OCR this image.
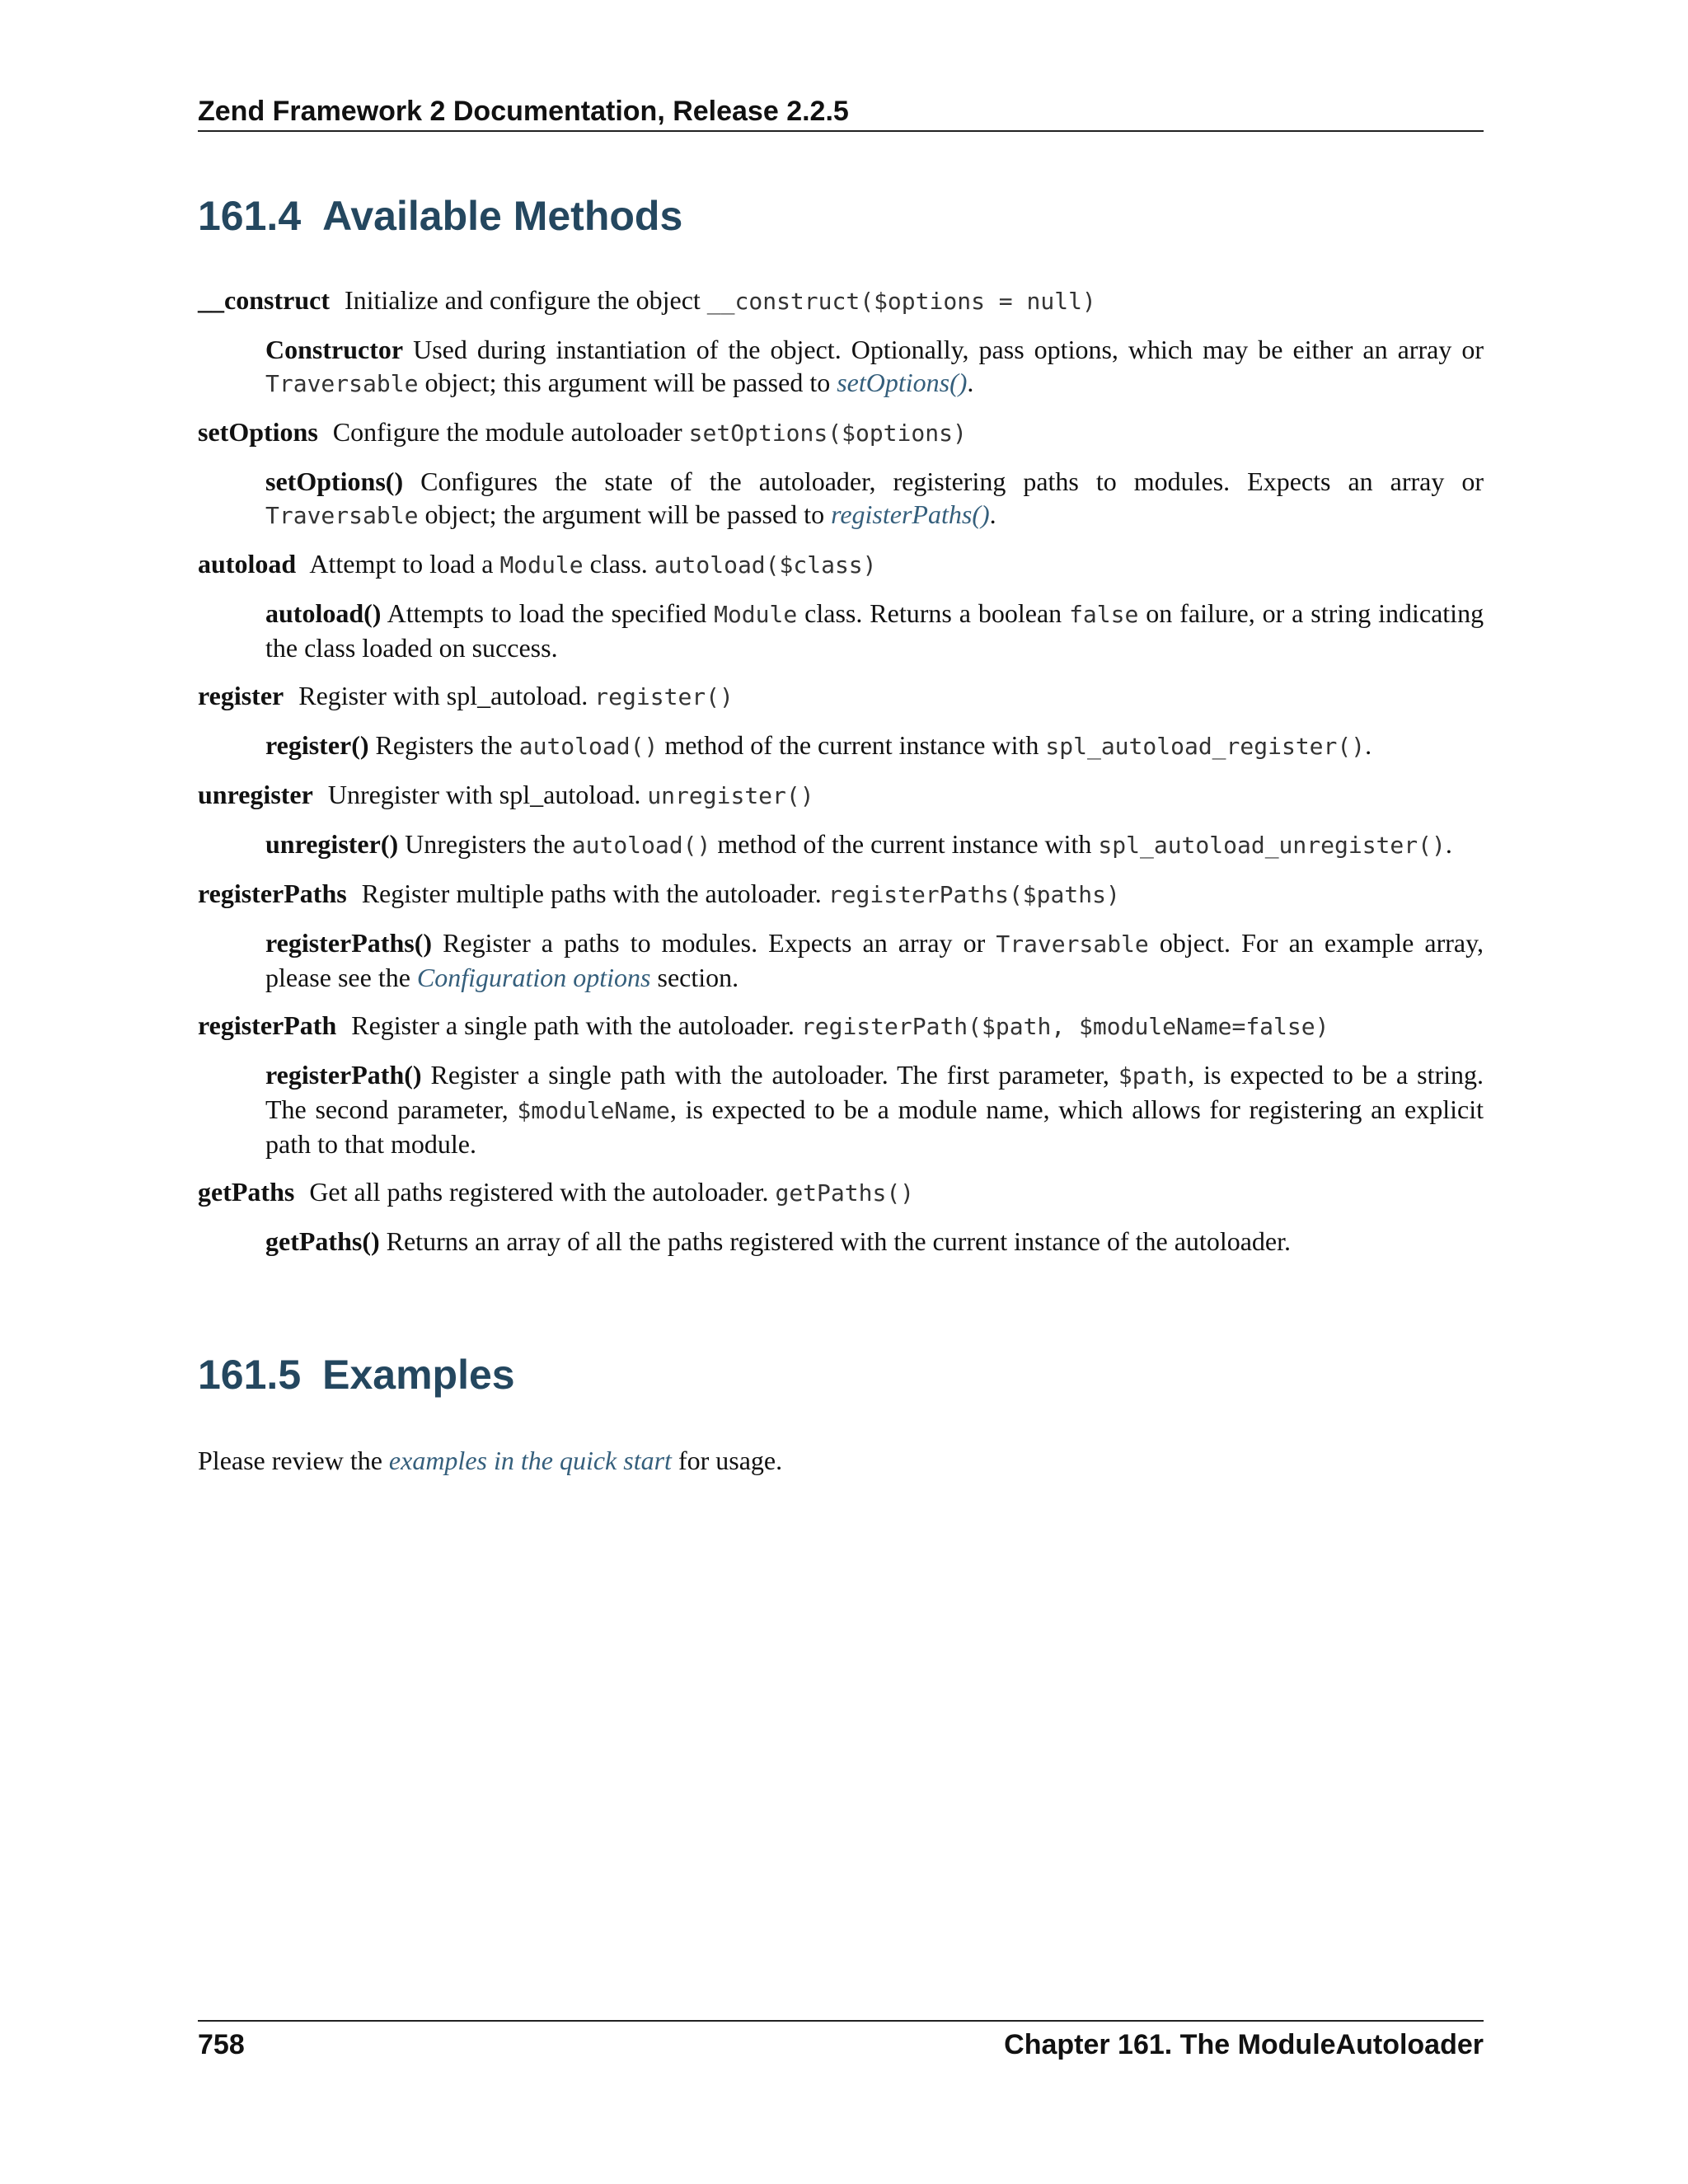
Zend Framework 2 Documentation, Release 2.2.5
161.4 Available Methods

__construct Initialize and configure the object __construct($options = null)

Constructor Used during instantiation of the object. Optionally, pass options, which may be either an array or Traversable object; this argument will be passed to setOptions().

setOptions Configure the module autoloader setOptions($options)

setOptions() Configures the state of the autoloader, registering paths to modules. Expects an array or Traversable object; the argument will be passed to registerPaths().

autoload Attempt to load a Module class. autoload($class)

autoload() Attempts to load the specified Module class. Returns a boolean false on failure, or a string indicating the class loaded on success.

register Register with spl_autoload. register()

register() Registers the autoload() method of the current instance with spl_autoload_register().

unregister Unregister with spl_autoload. unregister()

unregister() Unregisters the autoload() method of the current instance with spl_autoload_unregister().

registerPaths Register multiple paths with the autoloader. registerPaths($paths)

registerPaths() Register a paths to modules. Expects an array or Traversable object. For an example array, please see the Configuration options section.

registerPath Register a single path with the autoloader. registerPath($path, $moduleName=false)

registerPath() Register a single path with the autoloader. The first parameter, $path, is expected to be a string. The second parameter, $moduleName, is expected to be a module name, which allows for registering an explicit path to that module.

getPaths Get all paths registered with the autoloader. getPaths()

getPaths() Returns an array of all the paths registered with the current instance of the autoloader.

161.5 Examples

Please review the examples in the quick start for usage.

758	Chapter 161. The ModuleAutoloader
